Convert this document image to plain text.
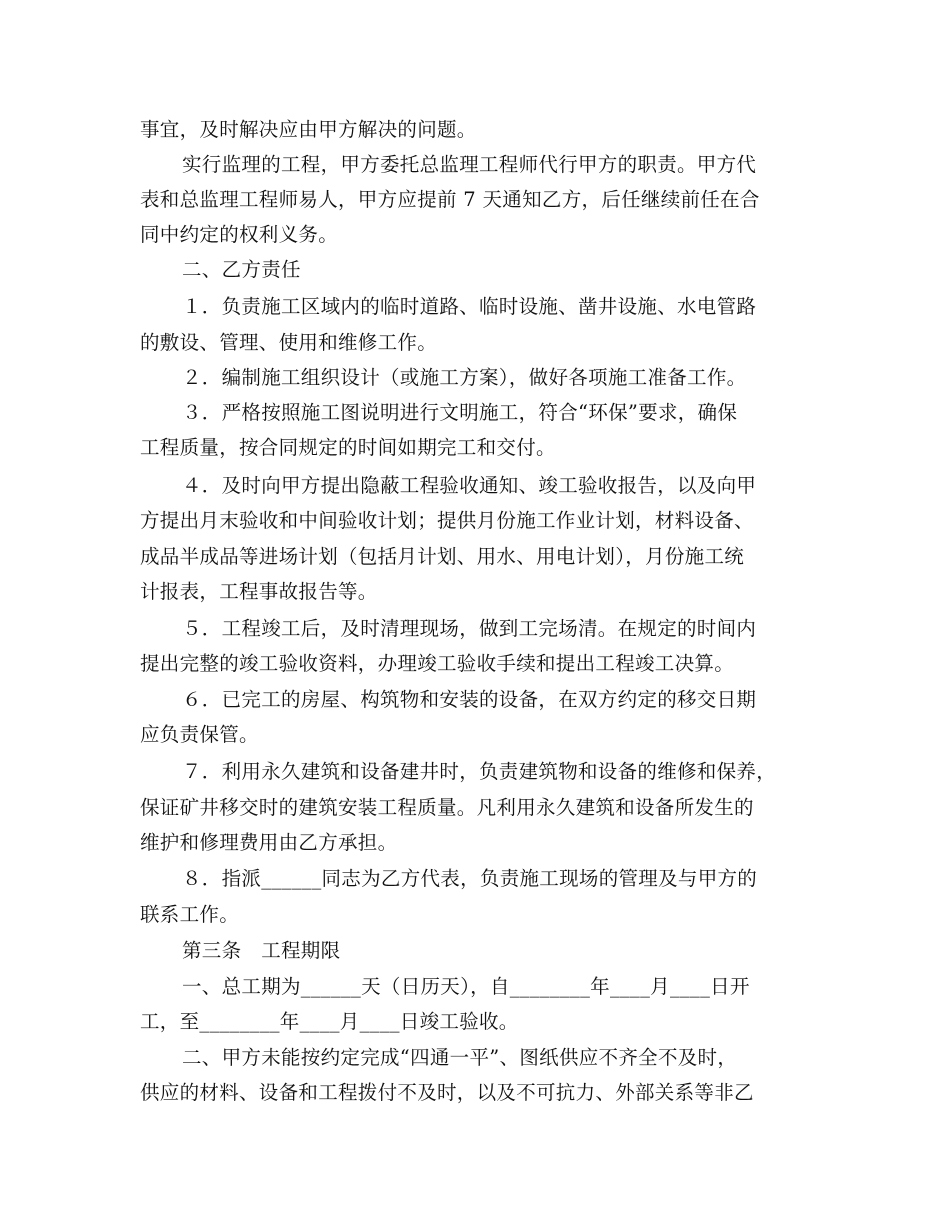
事宜，及时解决应由甲方解决的问题。
实行监理的工程，甲方委托总监理工程师代行甲方的职责。甲方代
表和总监理工程师易人，甲方应提前 7 天通知乙方，后任继续前任在合
同中约定的权利义务。
二、乙方责任
１．负责施工区域内的临时道路、临时设施、凿井设施、水电管路
的敷设、管理、使用和维修工作。
２．编制施工组织设计（或施工方案），做好各项施工准备工作。
３．严格按照施工图说明进行文明施工，符合“环保”要求，确保
工程质量，按合同规定的时间如期完工和交付。
４．及时向甲方提出隐蔽工程验收通知、竣工验收报告，以及向甲
方提出月末验收和中间验收计划；提供月份施工作业计划，材料设备、
成品半成品等进场计划（包括月计划、用水、用电计划），月份施工统
计报表，工程事故报告等。
５．工程竣工后，及时清理现场，做到工完场清。在规定的时间内
提出完整的竣工验收资料，办理竣工验收手续和提出工程竣工决算。
６．已完工的房屋、构筑物和安装的设备，在双方约定的移交日期
应负责保管。
７．利用永久建筑和设备建井时，负责建筑物和设备的维修和保养，
保证矿井移交时的建筑安装工程质量。凡利用永久建筑和设备所发生的
维护和修理费用由乙方承担。
８．指派______同志为乙方代表，负责施工现场的管理及与甲方的
联系工作。
第三条　工程期限
一、总工期为______天（日历天），自________年____月____日开
工，至________年____月____日竣工验收。
二、甲方未能按约定完成“四通一平”、图纸供应不齐全不及时，
供应的材料、设备和工程拨付不及时，以及不可抗力、外部关系等非乙
